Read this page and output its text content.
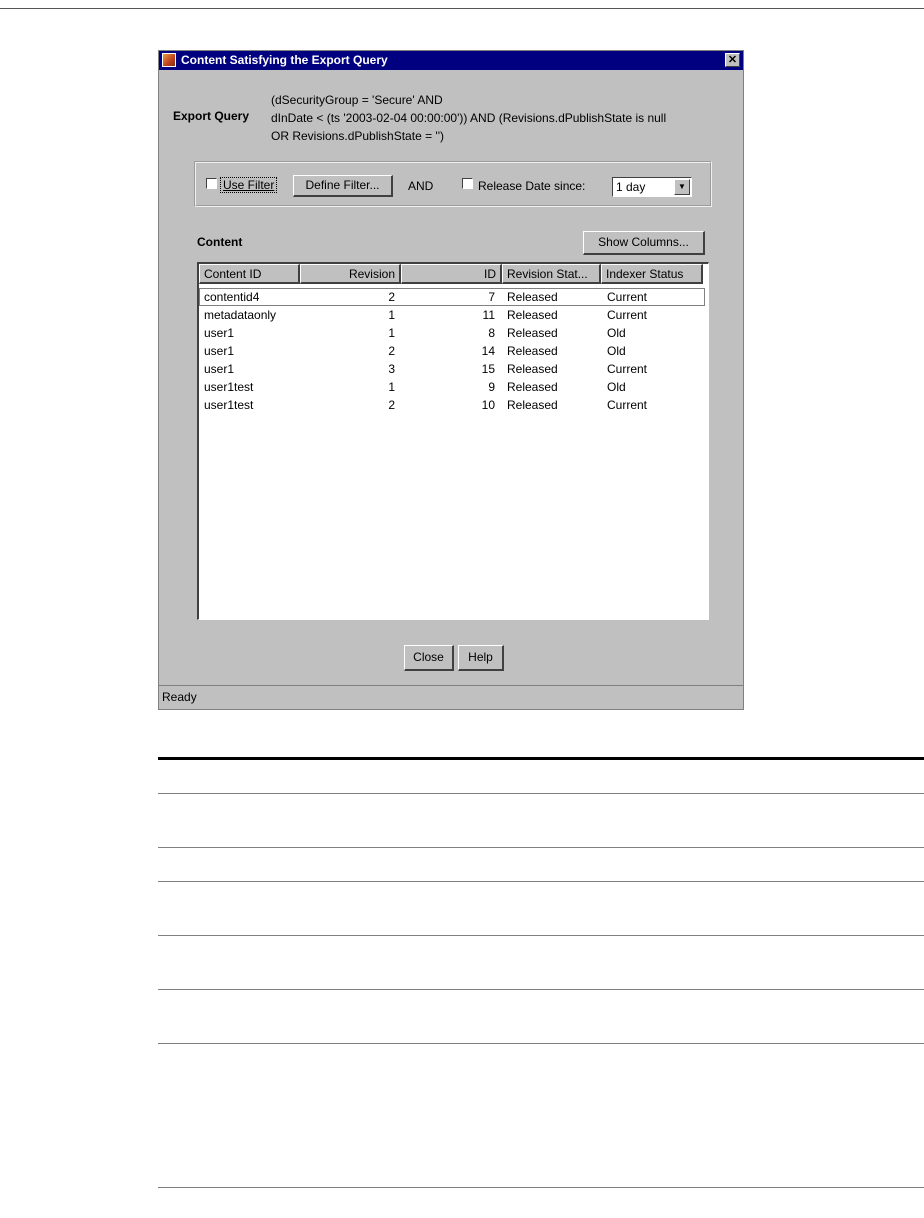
Content Satisfying the Export Query	✕
Export Query
(dSecurityGroup = 'Secure' AND
dInDate < (ts '2003-02-04 00:00:00')) AND (Revisions.dPublishState is null
OR Revisions.dPublishState = '')
Use Filter	Define Filter...	AND	Release Date since:	1 day	▼
Content	Show Columns...
Content ID	Revision	ID Revision Stat...	Indexer Status
contentid4	2	7 Released	Current
metadataonly	1	11 Released	Current
user1	1	8 Released	Old
user1	2	14 Released	Old
user1	3	15 Released	Current
user1test	1	9 Released	Old
user1test	2	10 Released	Current
Close	Help
Ready
